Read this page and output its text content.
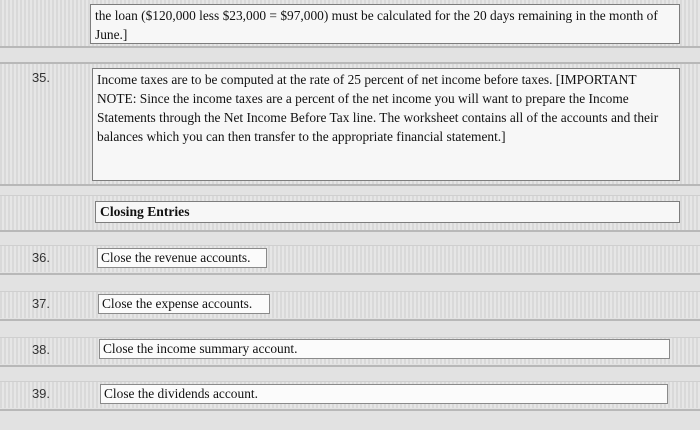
the loan ($120,000 less $23,000 = $97,000) must be calculated for the 20 days remaining in the month of June.]
35.	Income taxes are to be computed at the rate of 25 percent of net income before taxes. [IMPORTANT NOTE: Since the income taxes are a percent of the net income you will want to prepare the Income Statements through the Net Income Before Tax line. The worksheet contains all of the accounts and their balances which you can then transfer to the appropriate financial statement.]
Closing Entries
36.	Close the revenue accounts.
37.	Close the expense accounts.
38.	Close the income summary account.
39.	Close the dividends account.
